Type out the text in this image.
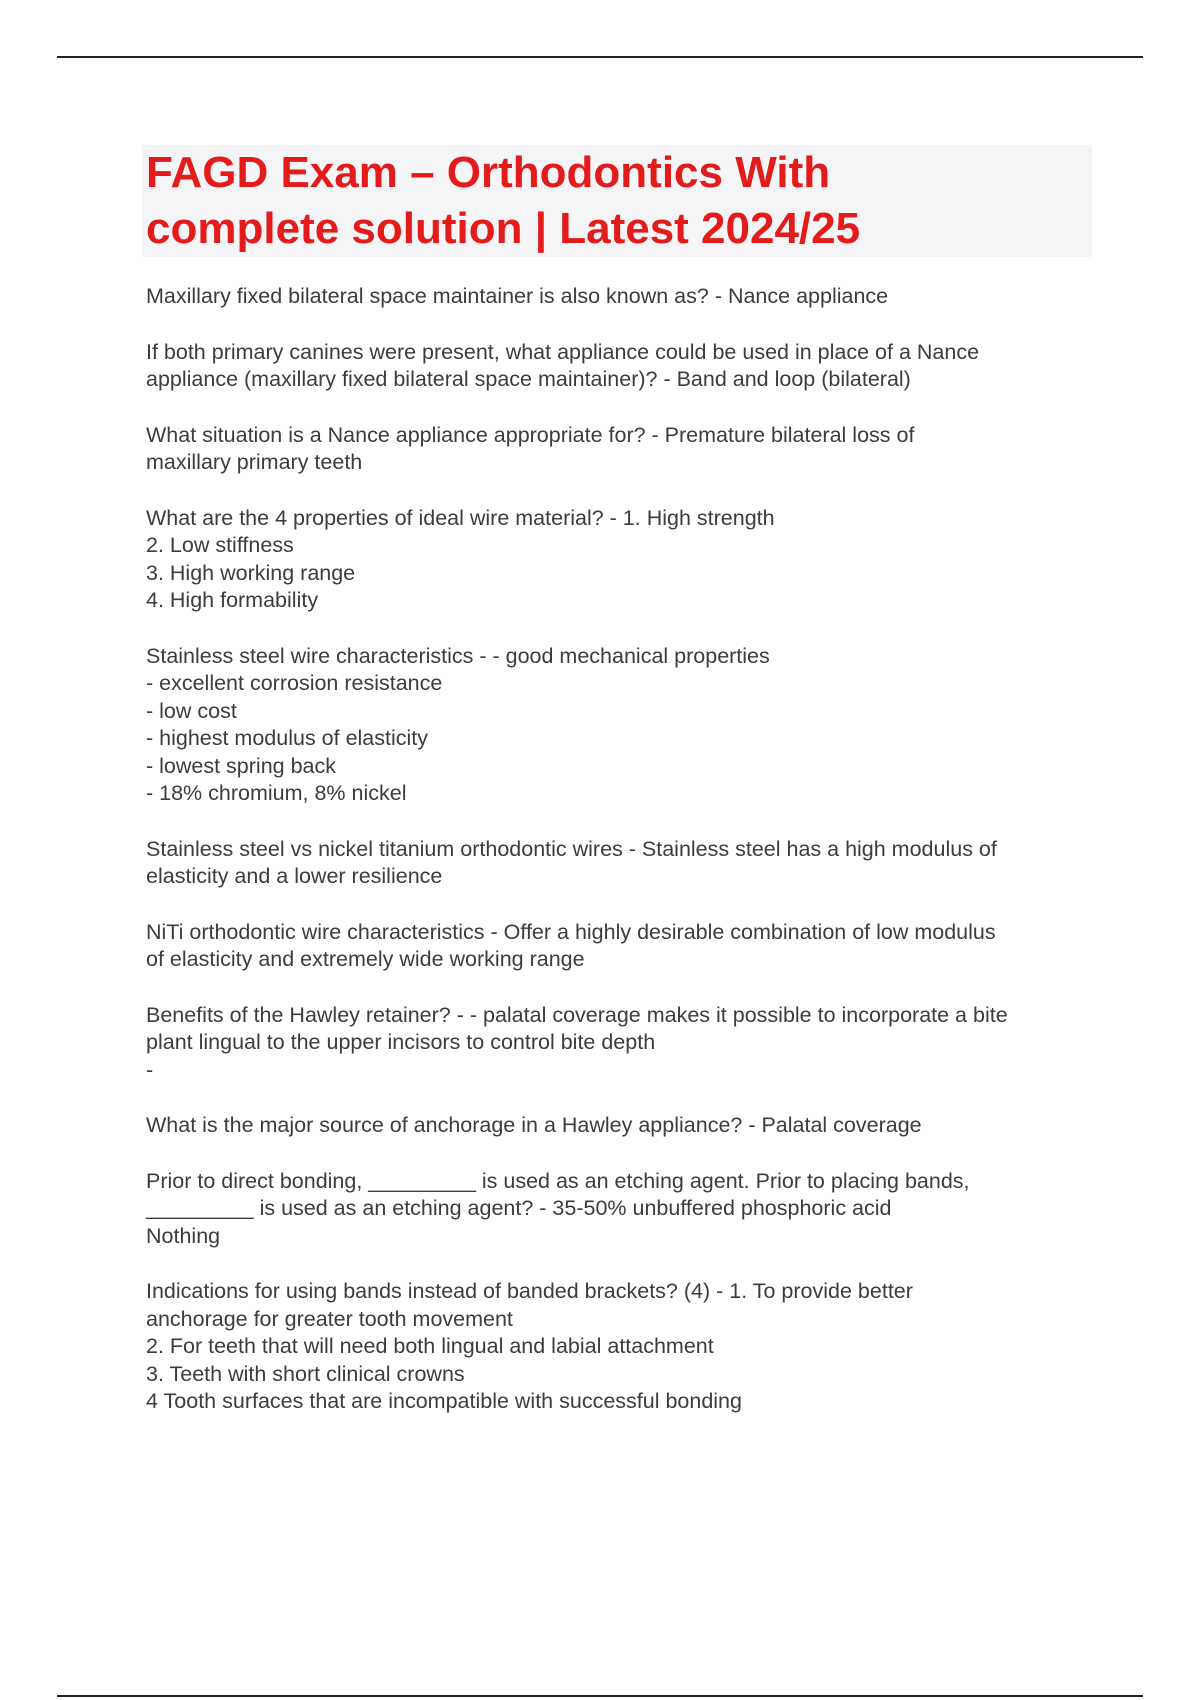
FAGD Exam – Orthodontics With
complete solution | Latest 2024/25
Maxillary fixed bilateral space maintainer is also known as? - Nance appliance
If both primary canines were present, what appliance could be used in place of a Nance
appliance (maxillary fixed bilateral space maintainer)? - Band and loop (bilateral)
What situation is a Nance appliance appropriate for? - Premature bilateral loss of
maxillary primary teeth
What are the 4 properties of ideal wire material? - 1. High strength
2. Low stiffness
3. High working range
4. High formability
Stainless steel wire characteristics - - good mechanical properties
- excellent corrosion resistance
- low cost
- highest modulus of elasticity
- lowest spring back
- 18% chromium, 8% nickel
Stainless steel vs nickel titanium orthodontic wires - Stainless steel has a high modulus of
elasticity and a lower resilience
NiTi orthodontic wire characteristics - Offer a highly desirable combination of low modulus
of elasticity and extremely wide working range
Benefits of the Hawley retainer? - - palatal coverage makes it possible to incorporate a bite
plant lingual to the upper incisors to control bite depth
-
What is the major source of anchorage in a Hawley appliance? - Palatal coverage
Prior to direct bonding, _________ is used as an etching agent. Prior to placing bands,
_________ is used as an etching agent? - 35-50% unbuffered phosphoric acid
Nothing
Indications for using bands instead of banded brackets? (4) - 1. To provide better
anchorage for greater tooth movement
2. For teeth that will need both lingual and labial attachment
3. Teeth with short clinical crowns
4 Tooth surfaces that are incompatible with successful bonding
